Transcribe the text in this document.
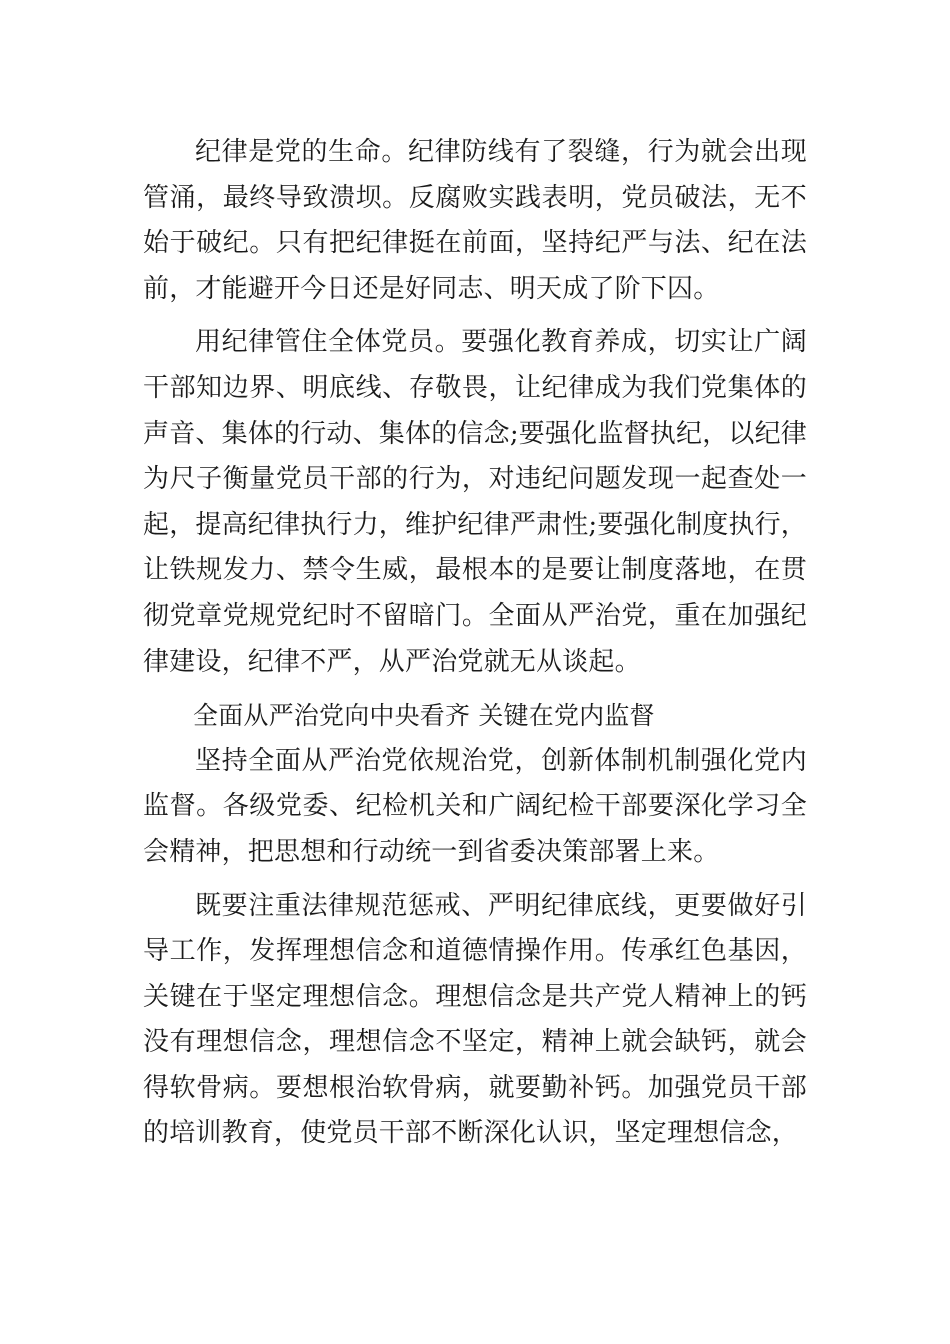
纪律是党的生命。纪律防线有了裂缝，行为就会出现管涌，最终导致溃坝。反腐败实践表明，党员破法，无不始于破纪。只有把纪律挺在前面，坚持纪严与法、纪在法前，才能避开今日还是好同志、明天成了阶下囚。

用纪律管住全体党员。要强化教育养成，切实让广阔干部知边界、明底线、存敬畏，让纪律成为我们党集体的声音、集体的行动、集体的信念;要强化监督执纪，以纪律为尺子衡量党员干部的行为，对违纪问题发现一起查处一起，提高纪律执行力，维护纪律严肃性;要强化制度执行，让铁规发力、禁令生威，最根本的是要让制度落地，在贯彻党章党规党纪时不留暗门。全面从严治党，重在加强纪律建设，纪律不严，从严治党就无从谈起。

全面从严治党向中央看齐 关键在党内监督

坚持全面从严治党依规治党，创新体制机制强化党内监督。各级党委、纪检机关和广阔纪检干部要深化学习全会精神，把思想和行动统一到省委决策部署上来。

既要注重法律规范惩戒、严明纪律底线，更要做好引导工作，发挥理想信念和道德情操作用。传承红色基因，关键在于坚定理想信念。理想信念是共产党人精神上的钙没有理想信念，理想信念不坚定，精神上就会缺钙，就会得软骨病。要想根治软骨病，就要勤补钙。加强党员干部的培训教育，使党员干部不断深化认识，坚定理想信念，
